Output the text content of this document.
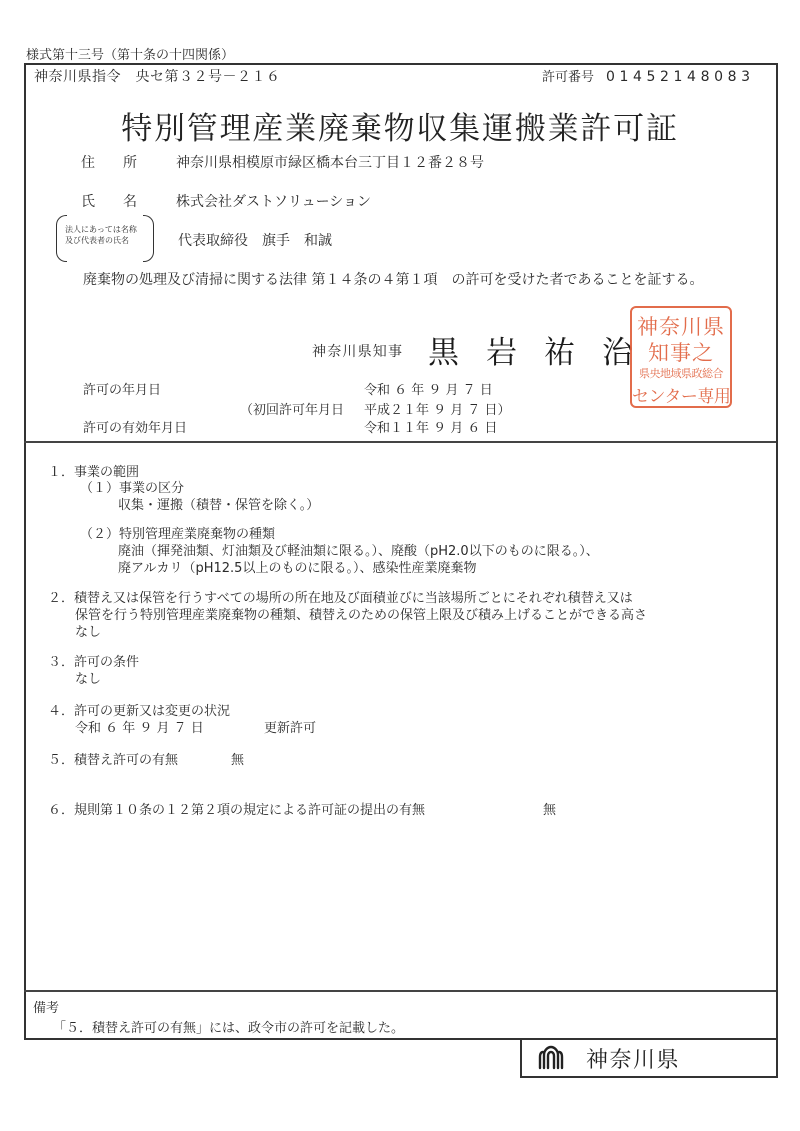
様式第十三号（第十条の十四関係）
神奈川県指令　央セ第３２号－２１６	許可番号 01452148083
特別管理産業廃棄物収集運搬業許可証
住　　所	神奈川県相模原市緑区橋本台三丁目１２番２８号
氏　　名	株式会社ダストソリューション
法人にあっては名称
及び代表者の氏名	代表取締役　旗手　和誠
廃棄物の処理及び清掃に関する法律 第１４条の４第１項　の許可を受けた者であることを証する。
神奈川県知事 黒岩祐治
神奈川県
知事之
県央地域県政総合
センター専用
許可の年月日	令和 ６ 年 ９ 月 ７ 日
（初回許可年月日 平成２１年 ９ 月 ７ 日）
許可の有効年月日	令和１１年 ９ 月 ６ 日
１．事業の範囲
（１）事業の区分
収集・運搬（積替・保管を除く。）
（２）特別管理産業廃棄物の種類
廃油（揮発油類、灯油類及び軽油類に限る。）、廃酸（pH2.0以下のものに限る。）、
廃アルカリ（pH12.5以上のものに限る。）、感染性産業廃棄物
２．積替え又は保管を行うすべての場所の所在地及び面積並びに当該場所ごとにそれぞれ積替え又は
保管を行う特別管理産業廃棄物の種類、積替えのための保管上限及び積み上げることができる高さ
なし
３．許可の条件
なし
４．許可の更新又は変更の状況
令和 ６ 年 ９ 月 ７ 日	更新許可
５．積替え許可の有無	無
６．規則第１０条の１２第２項の規定による許可証の提出の有無	無
備考
「５．積替え許可の有無」には、政令市の許可を記載した。
神奈川県
